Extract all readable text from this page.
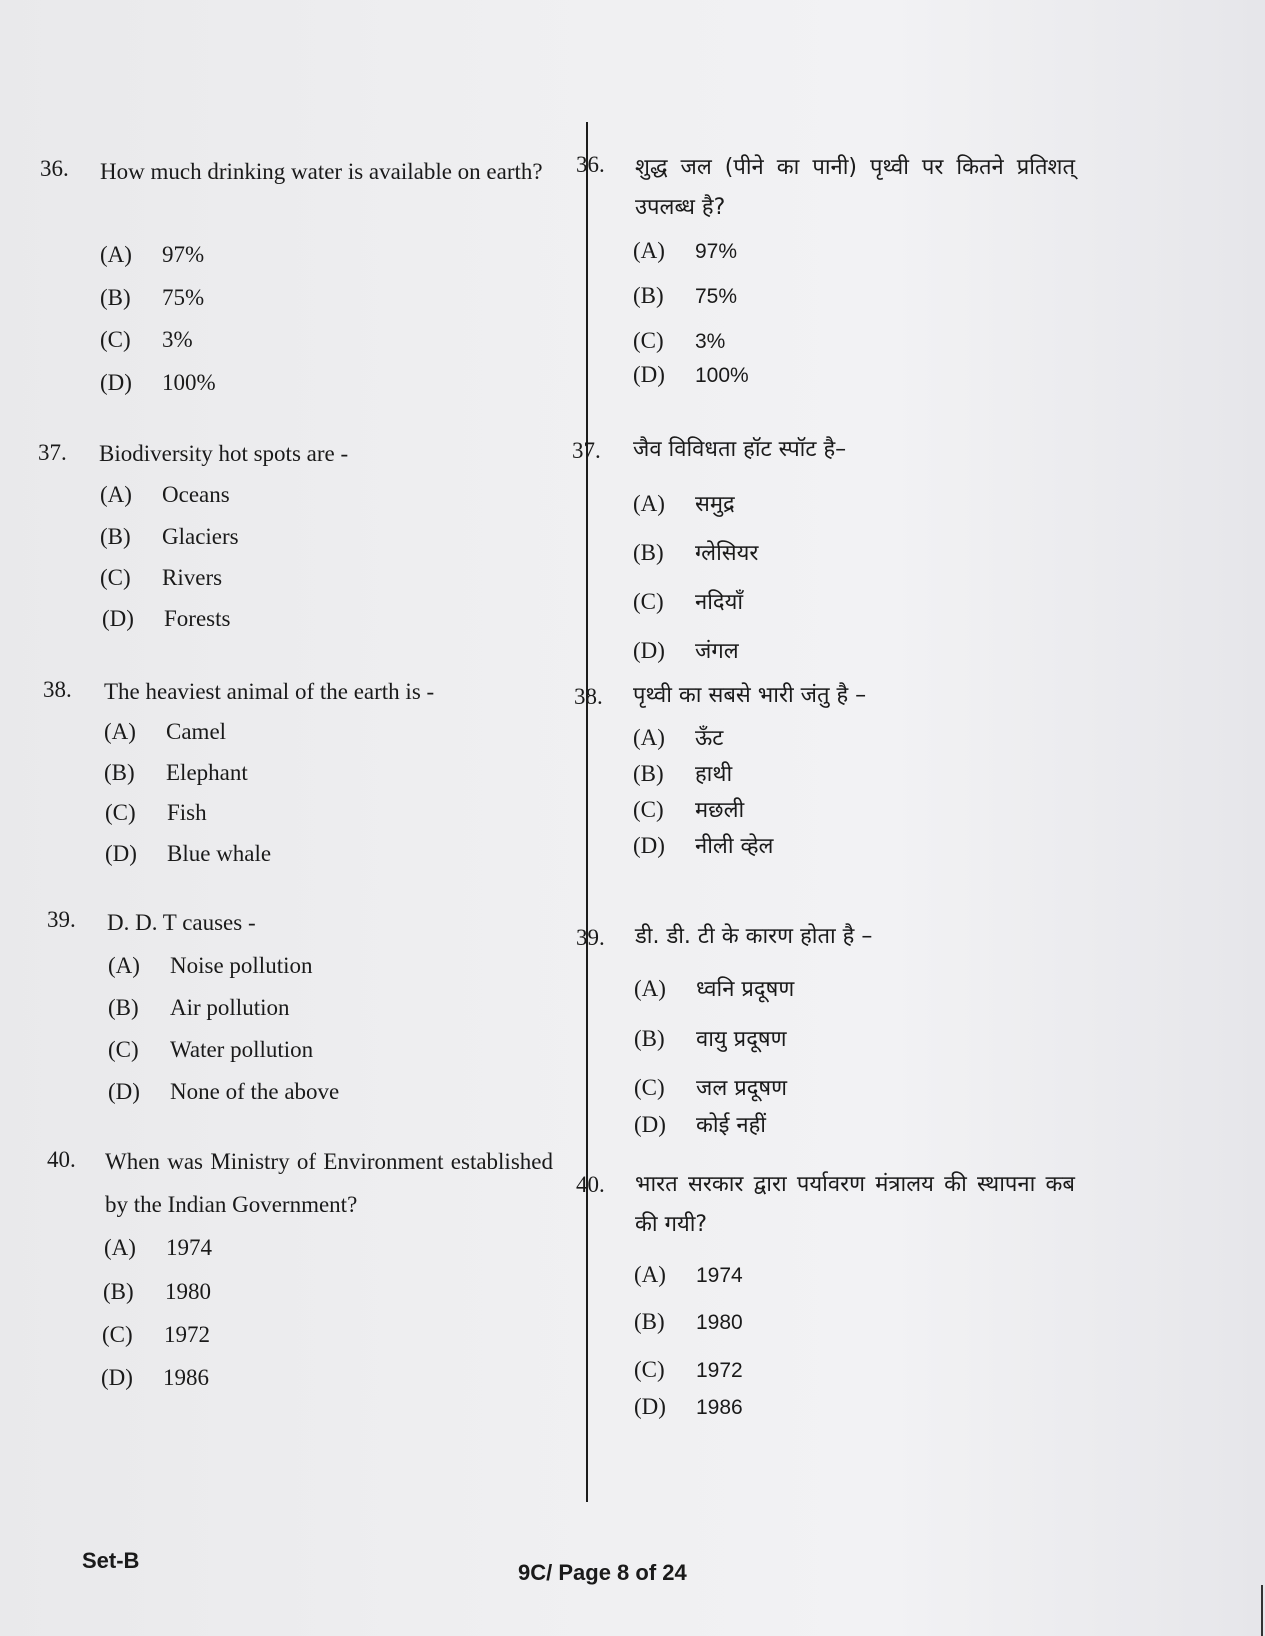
36. How much drinking water is available on earth?
(A) 97%
(B) 75%
(C) 3%
(D) 100%
37. Biodiversity hot spots are -
(A) Oceans
(B) Glaciers
(C) Rivers
(D) Forests
38. The heaviest animal of the earth is -
(A) Camel
(B) Elephant
(C) Fish
(D) Blue whale
39. D. D. T causes -
(A) Noise pollution
(B) Air pollution
(C) Water pollution
(D) None of the above
40. When was Ministry of Environment established by the Indian Government?
(A) 1974
(B) 1980
(C) 1972
(D) 1986
36. शुद्ध जल (पीने का पानी) पृथ्वी पर कितने प्रतिशत् उपलब्ध है?
(A) 97%
(B) 75%
(C) 3%
(D) 100%
37. जैव विविधता हॉट स्पॉट है–
(A) समुद्र
(B) ग्लेसियर
(C) नदियाँ
(D) जंगल
38. पृथ्वी का सबसे भारी जंतु है –
(A) ऊँट
(B) हाथी
(C) मछली
(D) नीली व्हेल
39. डी. डी. टी के कारण होता है –
(A) ध्वनि प्रदूषण
(B) वायु प्रदूषण
(C) जल प्रदूषण
(D) कोई नहीं
40. भारत सरकार द्वारा पर्यावरण मंत्रालय की स्थापना कब की गयी?
(A) 1974
(B) 1980
(C) 1972
(D) 1986
Set-B	9C/ Page 8 of 24
